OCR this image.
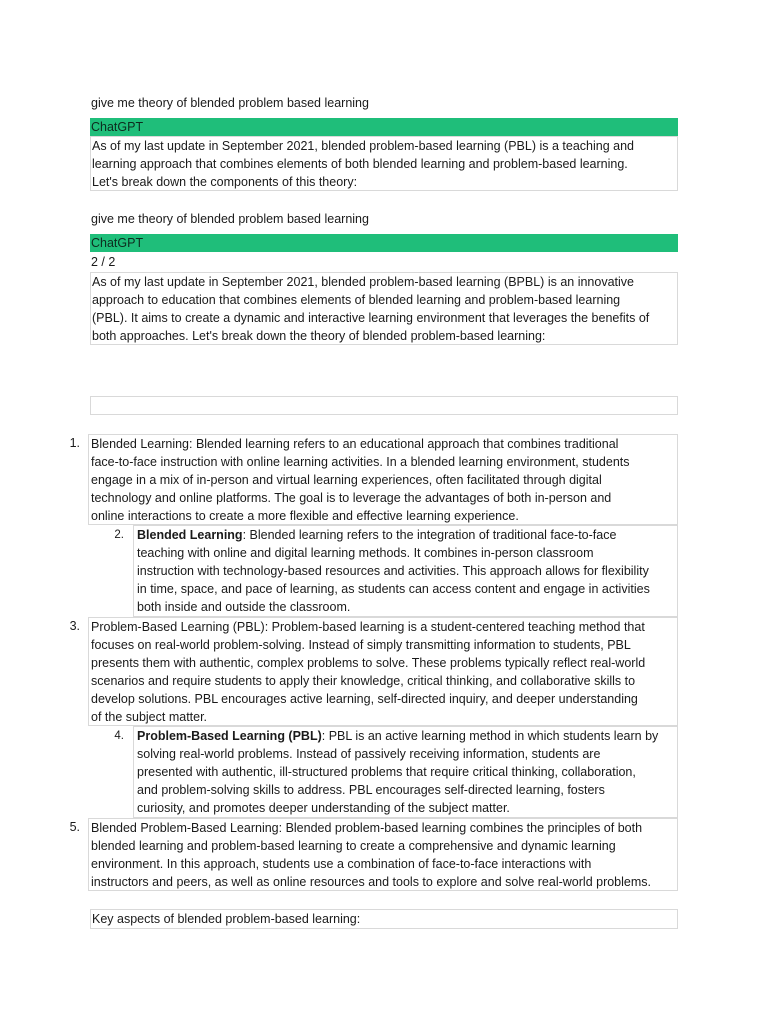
give me theory of blended problem based learning
ChatGPT
As of my last update in September 2021, blended problem-based learning (PBL) is a teaching and
learning approach that combines elements of both blended learning and problem-based learning.
Let's break down the components of this theory:
give me theory of blended problem based learning
ChatGPT
2 / 2
As of my last update in September 2021, blended problem-based learning (BPBL) is an innovative
approach to education that combines elements of blended learning and problem-based learning
(PBL). It aims to create a dynamic and interactive learning environment that leverages the benefits of
both approaches. Let's break down the theory of blended problem-based learning:
1. Blended Learning: Blended learning refers to an educational approach that combines traditional
face-to-face instruction with online learning activities. In a blended learning environment, students
engage in a mix of in-person and virtual learning experiences, often facilitated through digital
technology and online platforms. The goal is to leverage the advantages of both in-person and
online interactions to create a more flexible and effective learning experience.
2. Blended Learning: Blended learning refers to the integration of traditional face-to-face
teaching with online and digital learning methods. It combines in-person classroom
instruction with technology-based resources and activities. This approach allows for flexibility
in time, space, and pace of learning, as students can access content and engage in activities
both inside and outside the classroom.
3. Problem-Based Learning (PBL): Problem-based learning is a student-centered teaching method that
focuses on real-world problem-solving. Instead of simply transmitting information to students, PBL
presents them with authentic, complex problems to solve. These problems typically reflect real-world
scenarios and require students to apply their knowledge, critical thinking, and collaborative skills to
develop solutions. PBL encourages active learning, self-directed inquiry, and deeper understanding
of the subject matter.
4. Problem-Based Learning (PBL): PBL is an active learning method in which students learn by
solving real-world problems. Instead of passively receiving information, students are
presented with authentic, ill-structured problems that require critical thinking, collaboration,
and problem-solving skills to address. PBL encourages self-directed learning, fosters
curiosity, and promotes deeper understanding of the subject matter.
5. Blended Problem-Based Learning: Blended problem-based learning combines the principles of both
blended learning and problem-based learning to create a comprehensive and dynamic learning
environment. In this approach, students use a combination of face-to-face interactions with
instructors and peers, as well as online resources and tools to explore and solve real-world problems.
Key aspects of blended problem-based learning:
